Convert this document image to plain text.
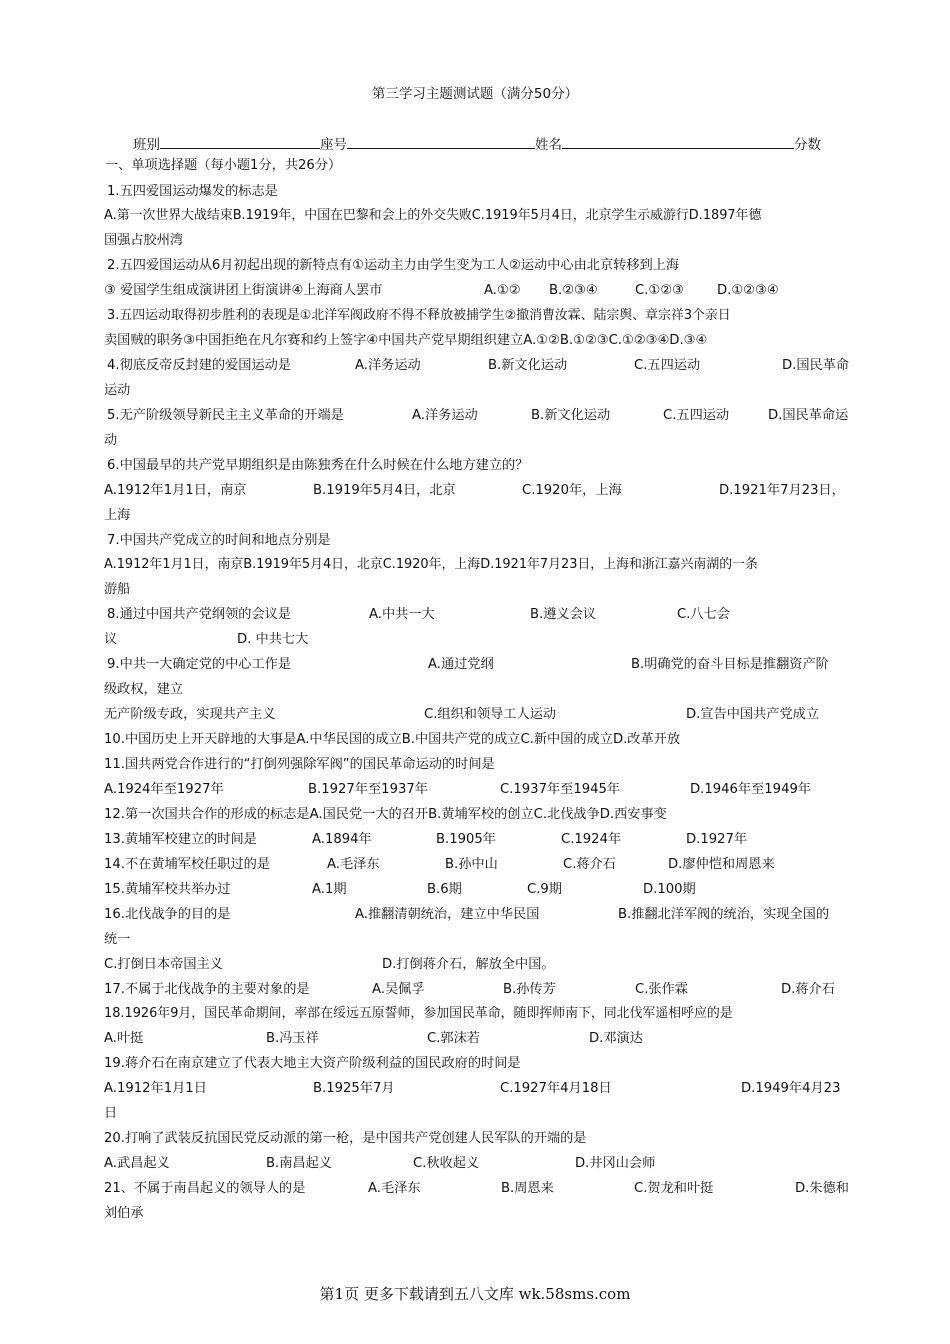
第三学习主题测试题（满分50分）
班别	座号	姓名	分数
一、单项选择题（每小题1分，共26分）
1.五四爱国运动爆发的标志是
A.第一次世界大战结束B.1919年，中国在巴黎和会上的外交失败C.1919年5月4日，北京学生示威游行D.1897年德
国强占胶州湾
2.五四爱国运动从6月初起出现的新特点有①运动主力由学生变为工人②运动中心由北京转移到上海
③ 爱国学生组成演讲团上街演讲④上海商人罢市	A.①② B.②③④	C.①②③	D.①②③④
3.五四运动取得初步胜利的表现是①北洋军阀政府不得不释放被捕学生②撤消曹汝霖、陆宗舆、章宗祥3个亲日
卖国贼的职务③中国拒绝在凡尔赛和约上签字④中国共产党早期组织建立A.①②B.①②③C.①②③④D.③④
4.彻底反帝反封建的爱国运动是	A.洋务运动	B.新文化运动	C.五四运动	D.国民革命
运动
5.无产阶级领导新民主主义革命的开端是	A.洋务运动	B.新文化运动	C.五四运动	D.国民革命运
动
6.中国最早的共产党早期组织是由陈独秀在什么时候在什么地方建立的？
A.1912年1月1日，南京	B.1919年5月4日，北京	C.1920年，上海	D.1921年7月23日，
上海
7.中国共产党成立的时间和地点分别是
A.1912年1月1日，南京B.1919年5月4日，北京C.1920年，上海D.1921年7月23日，上海和浙江嘉兴南湖的一条
游船
8.通过中国共产党纲领的会议是	A.中共一大	B.遵义会议	C.八七会
议	D. 中共七大
9.中共一大确定党的中心工作是	A.通过党纲	B.明确党的奋斗目标是推翻资产阶
级政权，建立
无产阶级专政，实现共产主义	C.组织和领导工人运动	D.宣告中国共产党成立
10.中国历史上开天辟地的大事是A.中华民国的成立B.中国共产党的成立C.新中国的成立D.改革开放
11.国共两党合作进行的“打倒列强除军阀”的国民革命运动的时间是
A.1924年至1927年	B.1927年至1937年	C.1937年至1945年	D.1946年至1949年
12.第一次国共合作的形成的标志是A.国民党一大的召开B.黄埔军校的创立C.北伐战争D.西安事变
13.黄埔军校建立的时间是	A.1894年	B.1905年	C.1924年	D.1927年
14.不在黄埔军校任职过的是	A.毛泽东	B.孙中山	C.蒋介石	D.廖仲恺和周恩来
15.黄埔军校共举办过	A.1期	B.6期	C.9期	D.100期
16.北伐战争的目的是	A.推翻清朝统治，建立中华民国	B.推翻北洋军阀的统治，实现全国的
统一
C.打倒日本帝国主义	D.打倒蒋介石，解放全中国。
17.不属于北伐战争的主要对象的是	A.吴佩孚	B.孙传芳	C.张作霖	D.蒋介石
18.1926年9月，国民革命期间，率部在绥远五原誓师，参加国民革命，随即挥师南下，同北伐军遥相呼应的是
A.叶挺	B.冯玉祥	C.郭沫若	D.邓演达
19.蒋介石在南京建立了代表大地主大资产阶级利益的国民政府的时间是
A.1912年1月1日	B.1925年7月	C.1927年4月18日	D.1949年4月23
日
20.打响了武装反抗国民党反动派的第一枪，是中国共产党创建人民军队的开端的是
A.武昌起义	B.南昌起义	C.秋收起义	D.井冈山会师
21、不属于南昌起义的领导人的是	A.毛泽东	B.周恩来	C.贺龙和叶挺	D.朱德和
刘伯承
第1页 更多下载请到五八文库 wk.58sms.com
